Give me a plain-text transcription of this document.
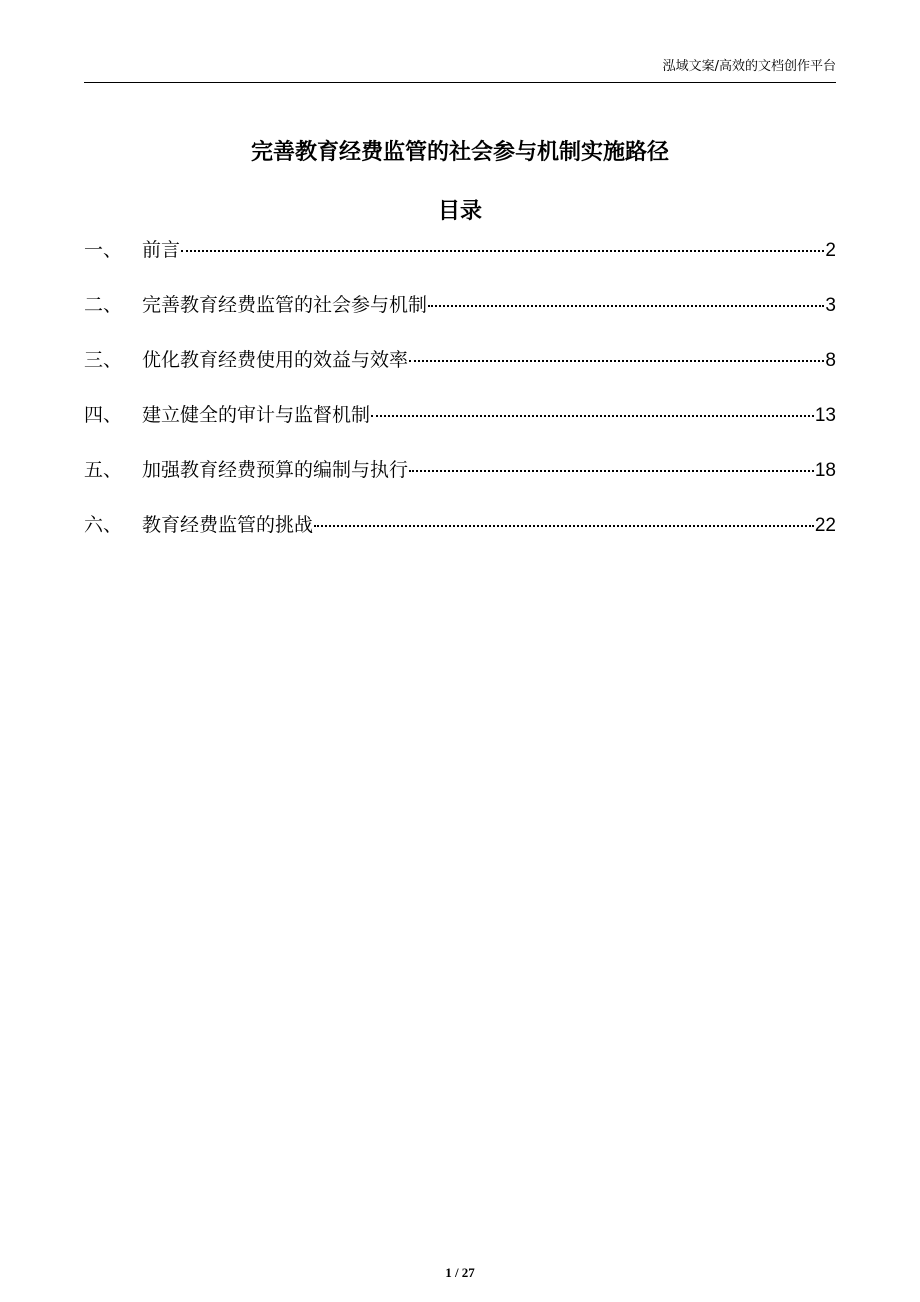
泓域文案/高效的文档创作平台
完善教育经费监管的社会参与机制实施路径
目录
一、	前言	2
二、	完善教育经费监管的社会参与机制	3
三、	优化教育经费使用的效益与效率	8
四、	建立健全的审计与监督机制	13
五、	加强教育经费预算的编制与执行	18
六、	教育经费监管的挑战	22
1 / 27
